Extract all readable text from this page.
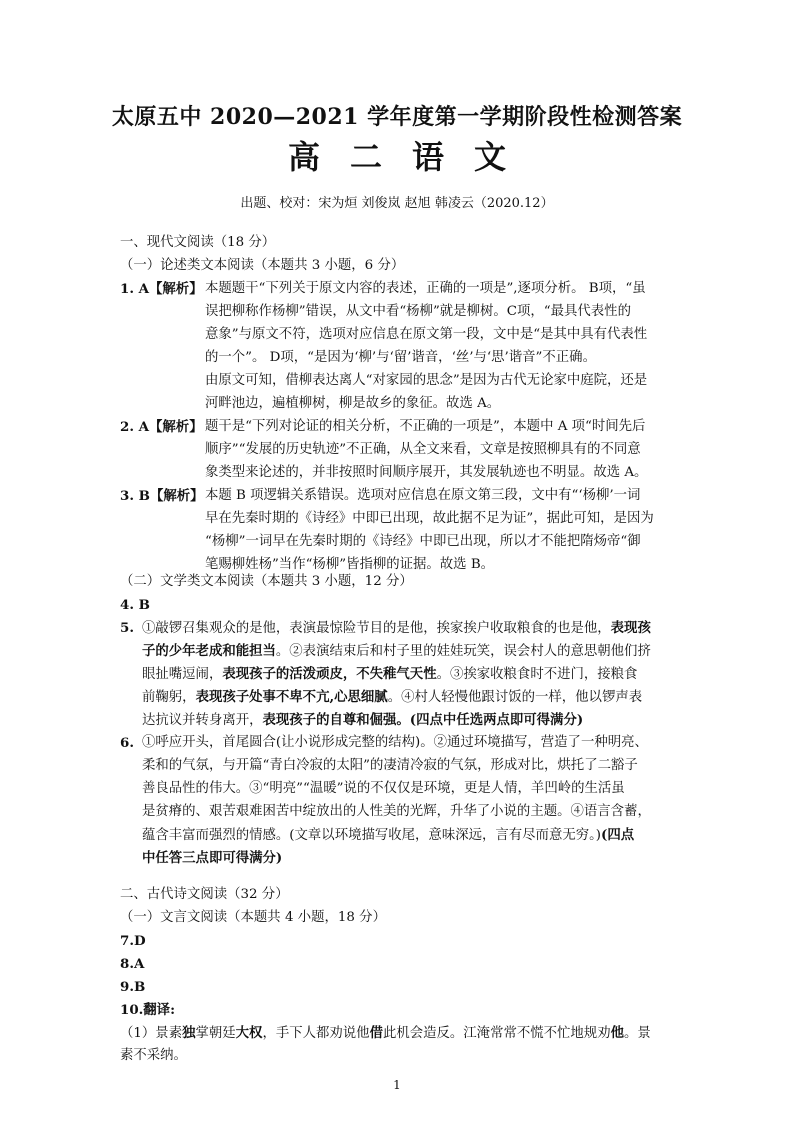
太原五中 2020—2021 学年度第一学期阶段性检测答案
高二语文
出题、校对：宋为烜 刘俊岚 赵旭 韩凌云（2020.12）
一、现代文阅读（18 分）
（一）论述类文本阅读（本题共 3 小题，6 分）
1. A【解析】 本题题干“下列关于原文内容的表述，正确的一项是”,逐项分析。 B项，“虽
误把柳称作杨柳”错误，从文中看“杨柳”就是柳树。C项，“最具代表性的
意象”与原文不符，选项对应信息在原文第一段，文中是“是其中具有代表性
的一个”。 D项，“是因为‘柳’与‘留’谐音，‘丝’与‘思’谐音”不正确。
由原文可知，借柳表达离人“对家园的思念”是因为古代无论家中庭院，还是
河畔池边，遍植柳树，柳是故乡的象征。故选 A。
2. A【解析】 题干是“下列对论证的相关分析，不正确的一项是”，本题中 A 项“时间先后
顺序”“发展的历史轨迹”不正确，从全文来看，文章是按照柳具有的不同意
象类型来论述的，并非按照时间顺序展开，其发展轨迹也不明显。故选 A。
3. B【解析】 本题 B 项逻辑关系错误。选项对应信息在原文第三段，文中有“‘杨柳’一词
早在先秦时期的《诗经》中即已出现，故此据不足为证”，据此可知，是因为
“杨柳”一词早在先秦时期的《诗经》中即已出现，所以才不能把隋炀帝“御
笔赐柳姓杨”当作“杨柳”皆指柳的证据。故选 B。
（二）文学类文本阅读（本题共 3 小题，12 分）
4. B
5. ①敲锣召集观众的是他，表演最惊险节目的是他，挨家挨户收取粮食的也是他，表现孩
子的少年老成和能担当。②表演结束后和村子里的娃娃玩笑，误会村人的意思朝他们挤
眼扯嘴逗闹，表现孩子的活泼顽皮，不失稚气天性。③挨家收粮食时不进门，接粮食
前鞠躬，表现孩子处事不卑不亢,心思细腻。④村人轻慢他跟讨饭的一样，他以锣声表
达抗议并转身离开，表现孩子的自尊和倔强。(四点中任选两点即可得满分)
6. ①呼应开头，首尾圆合(让小说形成完整的结构)。②通过环境描写，营造了一种明亮、
柔和的气氛，与开篇“青白冷寂的太阳”的凄清冷寂的气氛，形成对比，烘托了二豁子
善良品性的伟大。③“明亮”“温暖”说的不仅仅是环境，更是人情，羊凹岭的生活虽
是贫瘠的、艰苦艰难困苦中绽放出的人性美的光辉，升华了小说的主题。④语言含蓄，
蕴含丰富而强烈的情感。(文章以环境描写收尾，意味深远，言有尽而意无穷。)(四点
中任答三点即可得满分)
二、古代诗文阅读（32 分）
（一）文言文阅读（本题共 4 小题，18 分）
7.D
8.A
9.B
10.翻译:
（1）景素独掌朝廷大权，手下人都劝说他借此机会造反。江淹常常不慌不忙地规劝他。景
素不采纳。
1
